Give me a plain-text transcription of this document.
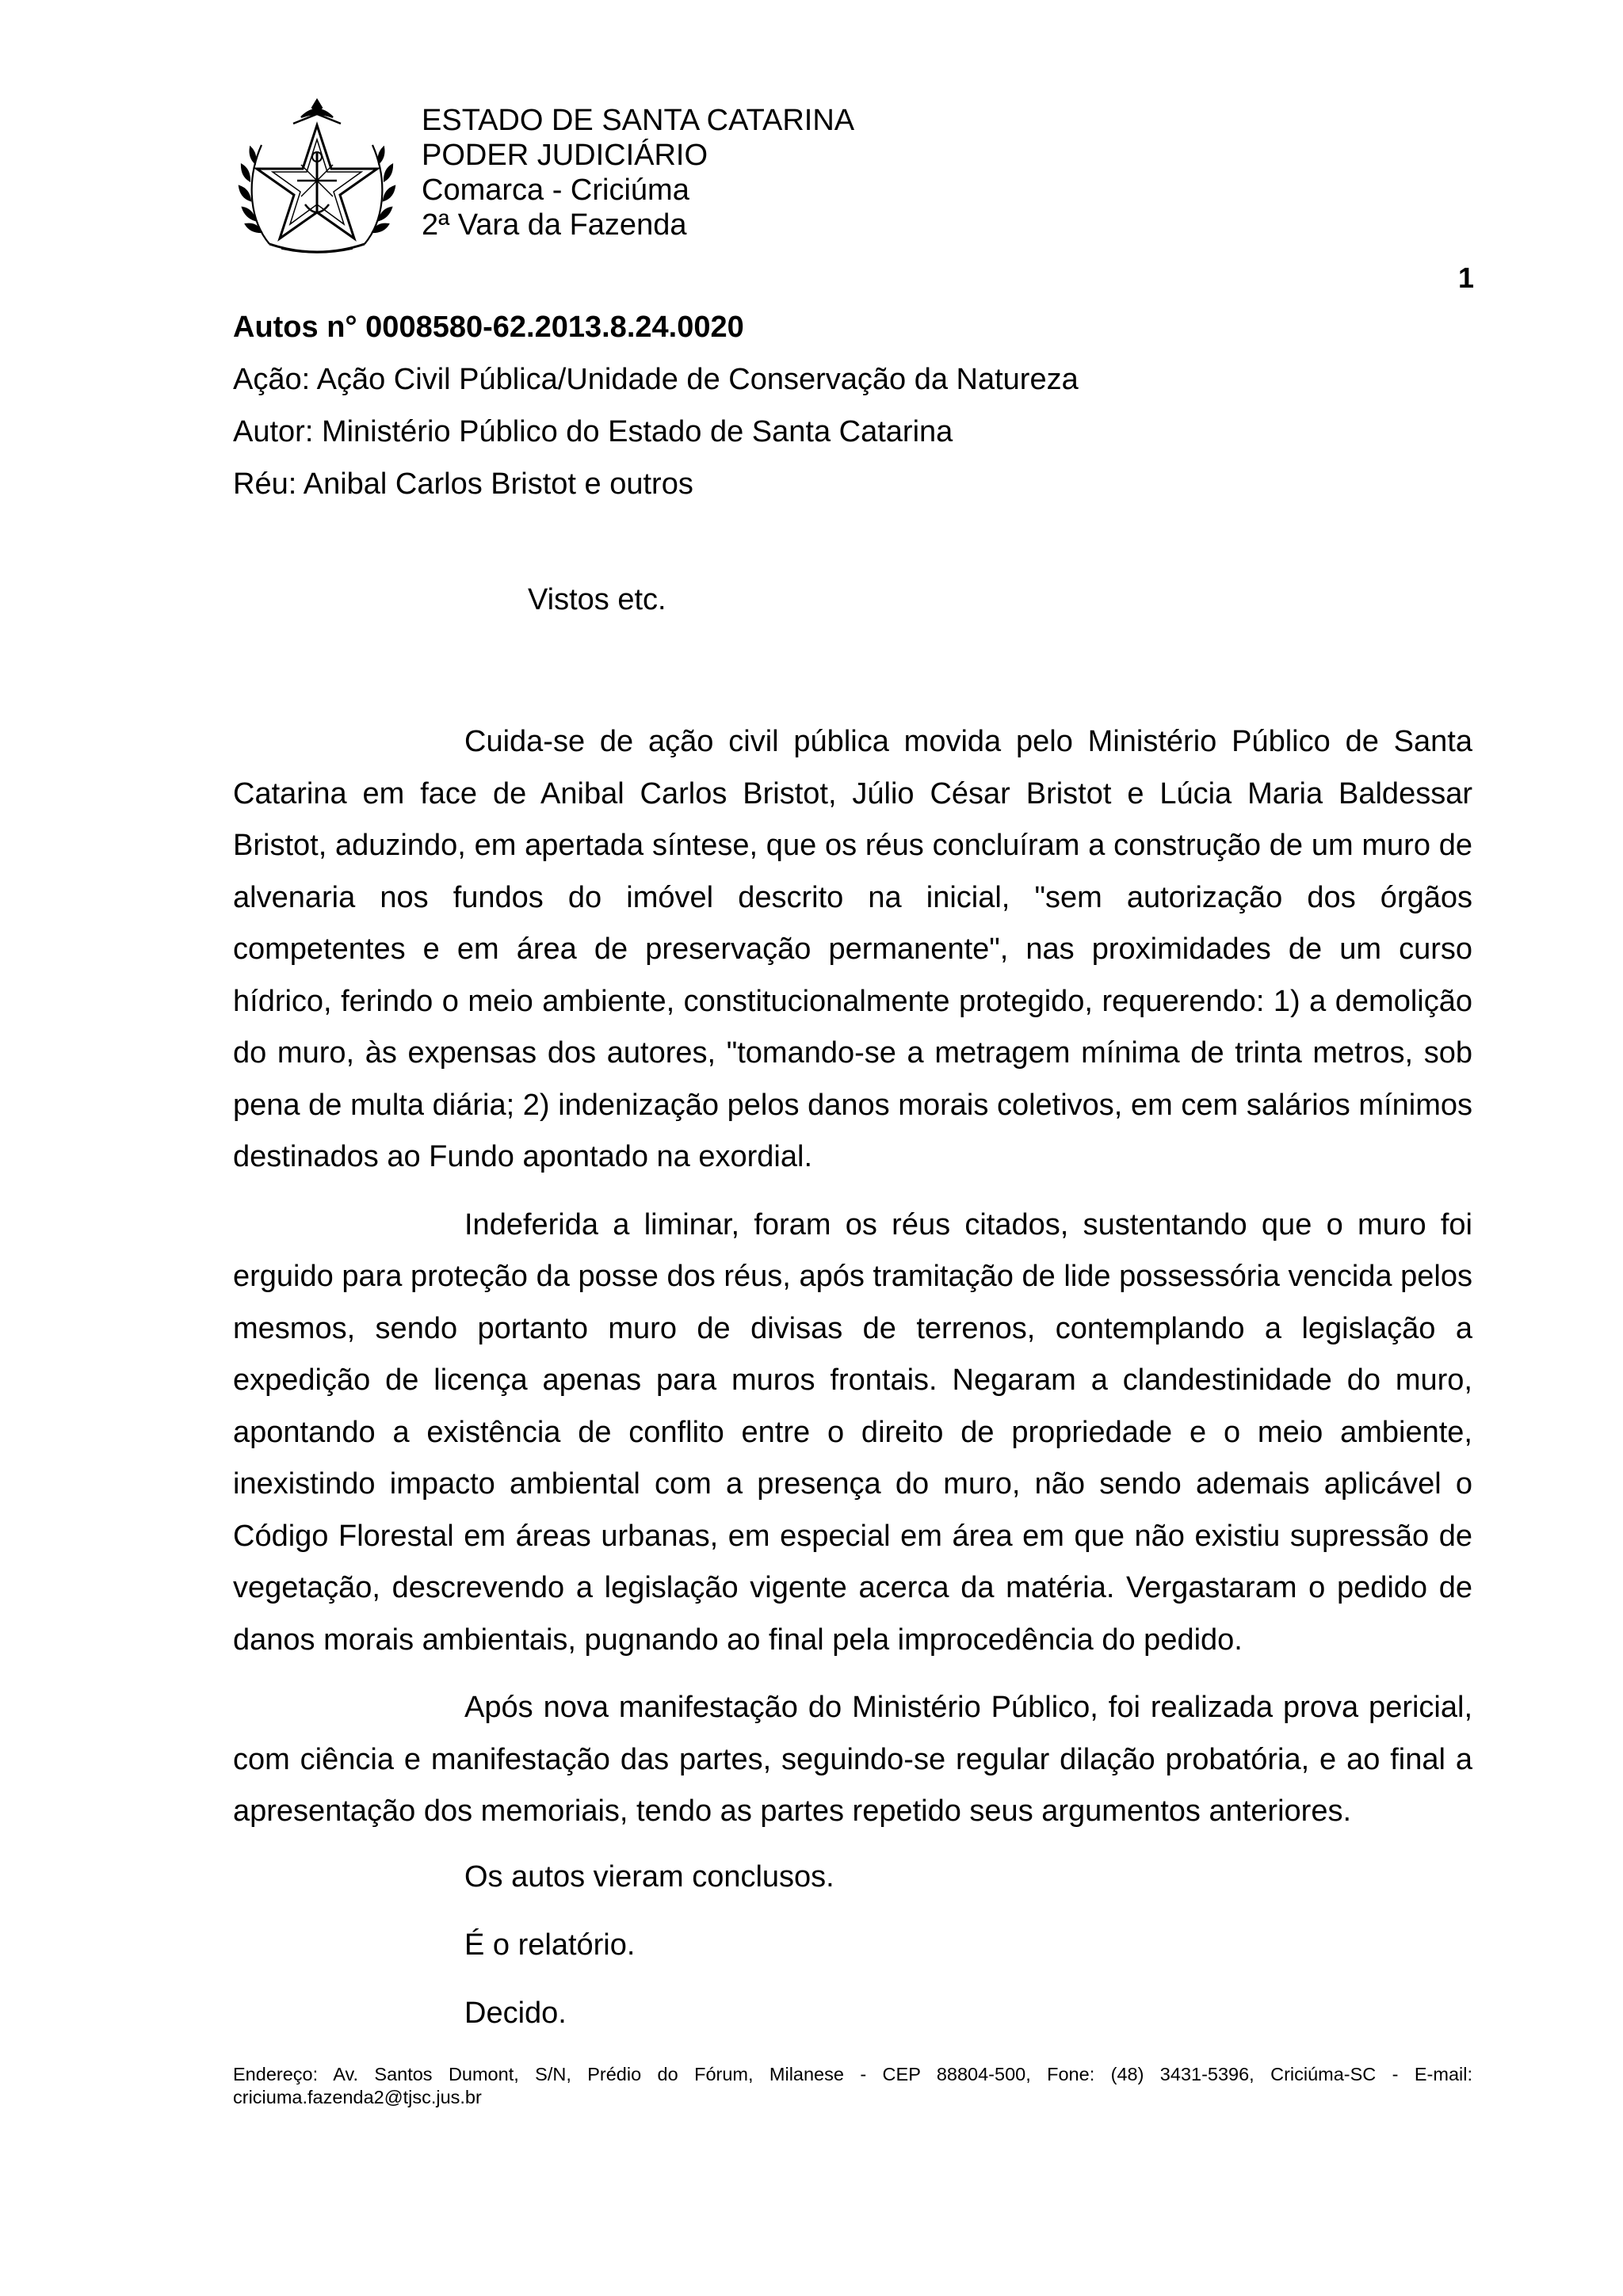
ESTADO DE SANTA CATARINA
PODER JUDICIÁRIO
Comarca - Criciúma
2ª Vara da Fazenda
1
Autos n° 0008580-62.2013.8.24.0020
Ação: Ação Civil Pública/Unidade de Conservação da Natureza
Autor: Ministério Público do Estado de Santa Catarina
Réu: Anibal Carlos Bristot e outros
Vistos etc.

Cuida-se de ação civil pública movida pelo Ministério Público de Santa Catarina em face de Anibal Carlos Bristot, Júlio César Bristot e Lúcia Maria Baldessar Bristot, aduzindo, em apertada síntese, que os réus concluíram a construção de um muro de alvenaria nos fundos do imóvel descrito na inicial, "sem autorização dos órgãos competentes e em área de preservação permanente", nas proximidades de um curso hídrico, ferindo o meio ambiente, constitucionalmente protegido, requerendo: 1) a demolição do muro, às expensas dos autores, "tomando-se a metragem mínima de trinta metros, sob pena de multa diária; 2) indenização pelos danos morais coletivos, em cem salários mínimos destinados ao Fundo apontado na exordial.

Indeferida a liminar, foram os réus citados, sustentando que o muro foi erguido para proteção da posse dos réus, após tramitação de lide possessória vencida pelos mesmos, sendo portanto muro de divisas de terrenos, contemplando a legislação a expedição de licença apenas para muros frontais. Negaram a clandestinidade do muro, apontando a existência de conflito entre o direito de propriedade e o meio ambiente, inexistindo impacto ambiental com a presença do muro, não sendo ademais aplicável o Código Florestal em áreas urbanas, em especial em área em que não existiu supressão de vegetação, descrevendo a legislação vigente acerca da matéria. Vergastaram o pedido de danos morais ambientais, pugnando ao final pela improcedência do pedido.

Após nova manifestação do Ministério Público, foi realizada prova pericial, com ciência e manifestação das partes, seguindo-se regular dilação probatória, e ao final a apresentação dos memoriais, tendo as partes repetido seus argumentos anteriores.

Os autos vieram conclusos.
É o relatório.
Decido.
Endereço: Av. Santos Dumont, S/N, Prédio do Fórum, Milanese - CEP 88804-500, Fone: (48) 3431-5396, Criciúma-SC - E-mail:
criciuma.fazenda2@tjsc.jus.br
